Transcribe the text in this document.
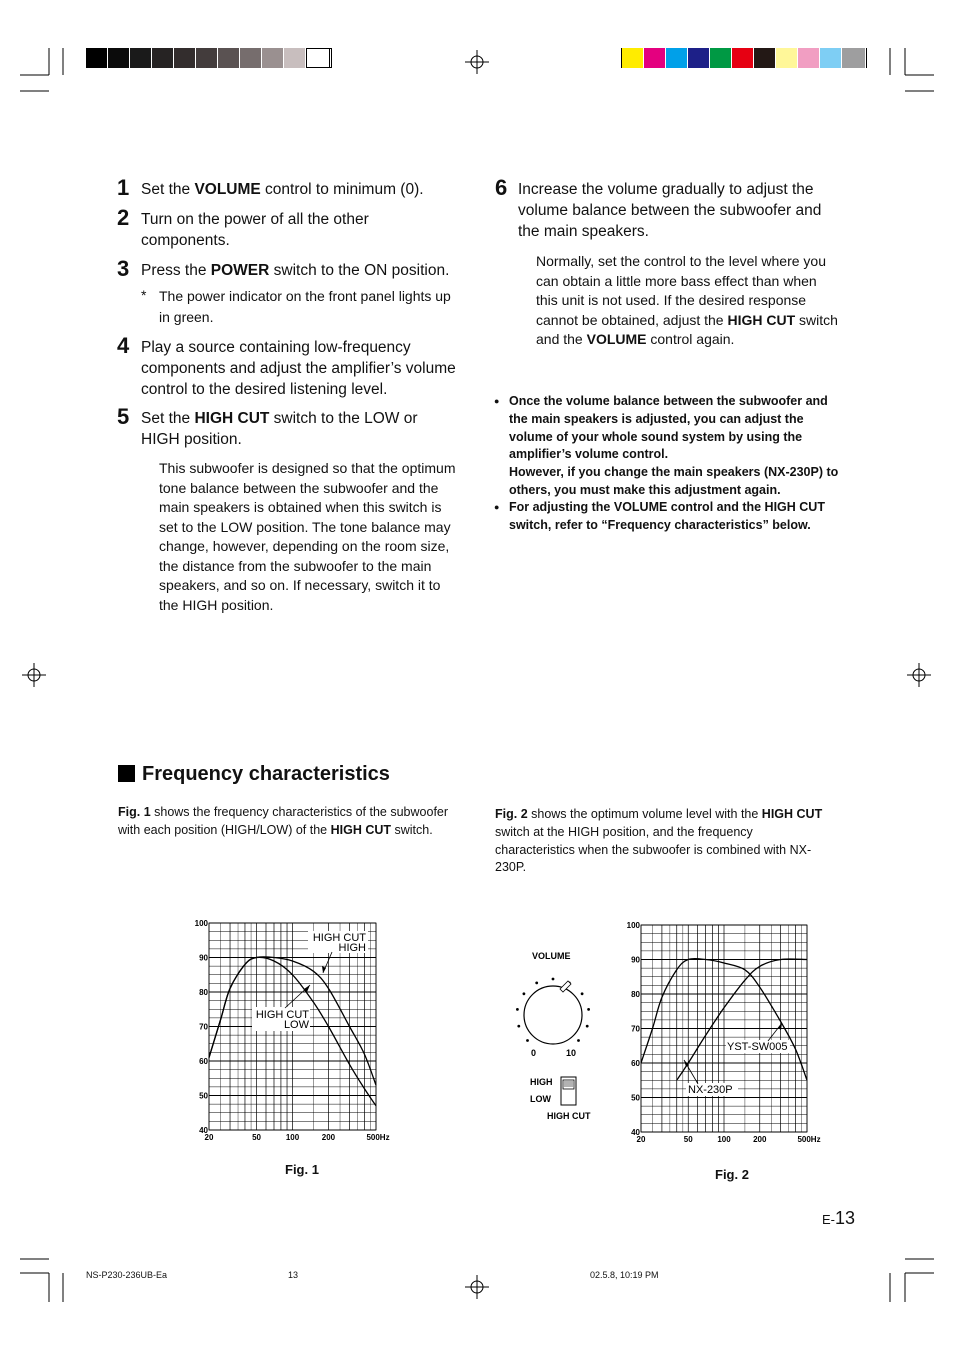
1 Set the VOLUME control to minimum (0).
2 Turn on the power of all the other components.
3 Press the POWER switch to the ON position.
* The power indicator on the front panel lights up in green.
4 Play a source containing low-frequency components and adjust the amplifier’s volume control to the desired listening level.
5 Set the HIGH CUT switch to the LOW or HIGH position.
This subwoofer is designed so that the optimum tone balance between the subwoofer and the main speakers is obtained when this switch is set to the LOW position. The tone balance may change, however, depending on the room size, the distance from the subwoofer to the main speakers, and so on. If necessary, switch it to the HIGH position.
6 Increase the volume gradually to adjust the volume balance between the subwoofer and the main speakers.
Normally, set the control to the level where you can obtain a little more bass effect than when this unit is not used. If the desired response cannot be obtained, adjust the HIGH CUT switch and the VOLUME control again.
● Once the volume balance between the subwoofer and the main speakers is adjusted, you can adjust the volume of your whole sound system by using the amplifier’s volume control.
However, if you change the main speakers (NX-230P) to others, you must make this adjustment again.
● For adjusting the VOLUME control and the HIGH CUT switch, refer to “Frequency characteristics” below.
Frequency characteristics
Fig. 1 shows the frequency characteristics of the subwoofer with each position (HIGH/LOW) of the HIGH CUT switch.
Fig. 2 shows the optimum volume level with the HIGH CUT switch at the HIGH position, and the frequency characteristics when the subwoofer is combined with NX-230P.
100
90
80
70
60
50
40
20	50	100	200	500Hz
HIGH CUT
HIGH
HIGH CUT
LOW
Fig. 1
VOLUME
0	10
HIGH
LOW
HIGH CUT
100
90
80
70
60
50
40
20	50	100	200	500Hz
YST-SW005
NX-230P
Fig. 2
E-13
NS-P230-236UB-Ea	13	02.5.8, 10:19 PM
